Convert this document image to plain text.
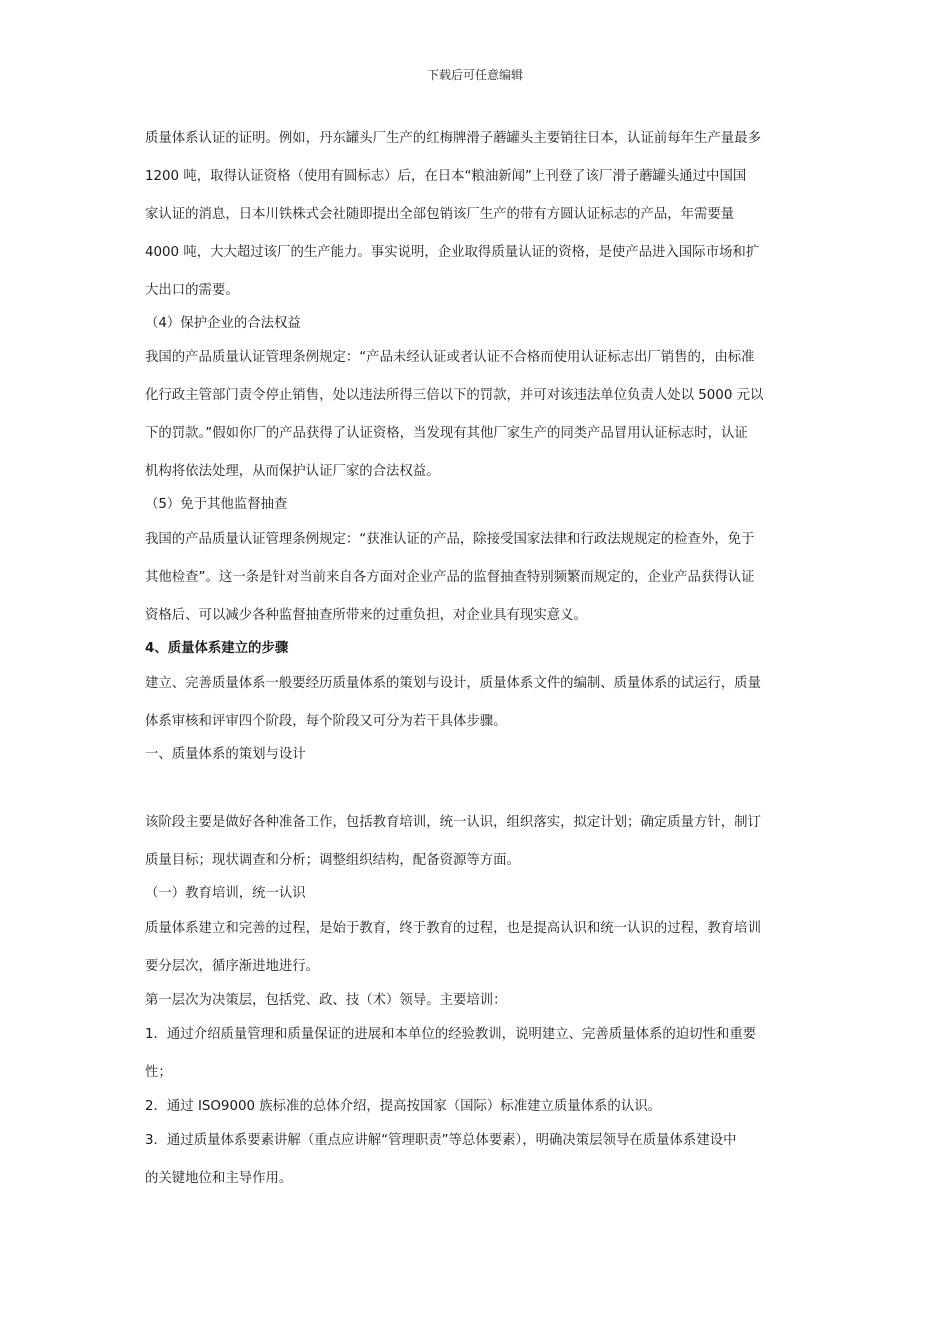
下载后可任意编辑
质量体系认证的证明。例如，丹东罐头厂生产的红梅牌滑子蘑罐头主要销往日本，认证前每年生产量最多
1200 吨，取得认证资格（使用有圆标志）后，在日本“粮油新闻”上刊登了该厂滑子蘑罐头通过中国国
家认证的消息，日本川铁株式会社随即提出全部包销该厂生产的带有方圆认证标志的产品，年需要量
4000 吨，大大超过该厂的生产能力。事实说明，企业取得质量认证的资格，是使产品进入国际市场和扩
大出口的需要。
（4）保护企业的合法权益
我国的产品质量认证管理条例规定：“产品未经认证或者认证不合格而使用认证标志出厂销售的，由标准
化行政主管部门责令停止销售，处以违法所得三倍以下的罚款，并可对该违法单位负责人处以 5000 元以
下的罚款。”假如你厂的产品获得了认证资格，当发现有其他厂家生产的同类产品冒用认证标志时，认证
机构将依法处理，从而保护认证厂家的合法权益。
（5）免于其他监督抽查
我国的产品质量认证管理条例规定：“获准认证的产品，除接受国家法律和行政法规规定的检查外，免于
其他检查”。这一条是针对当前来自各方面对企业产品的监督抽查特别频繁而规定的，企业产品获得认证
资格后、可以减少各种监督抽查所带来的过重负担，对企业具有现实意义。
4、质量体系建立的步骤
建立、完善质量体系一般要经历质量体系的策划与设计，质量体系文件的编制、质量体系的试运行，质量
体系审核和评审四个阶段，每个阶段又可分为若干具体步骤。
一、质量体系的策划与设计
该阶段主要是做好各种准备工作，包括教育培训，统一认识，组织落实，拟定计划；确定质量方针，制订
质量目标；现状调查和分析；调整组织结构，配备资源等方面。
（一）教育培训，统一认识
质量体系建立和完善的过程，是始于教育，终于教育的过程，也是提高认识和统一认识的过程，教育培训
要分层次，循序渐进地进行。
第一层次为决策层，包括党、政、技（术）领导。主要培训：
1．通过介绍质量管理和质量保证的进展和本单位的经验教训，说明建立、完善质量体系的迫切性和重要
性；
2．通过 ISO9000 族标准的总体介绍，提高按国家（国际）标准建立质量体系的认识。
3．通过质量体系要素讲解（重点应讲解“管理职责”等总体要素），明确决策层领导在质量体系建设中
的关键地位和主导作用。
